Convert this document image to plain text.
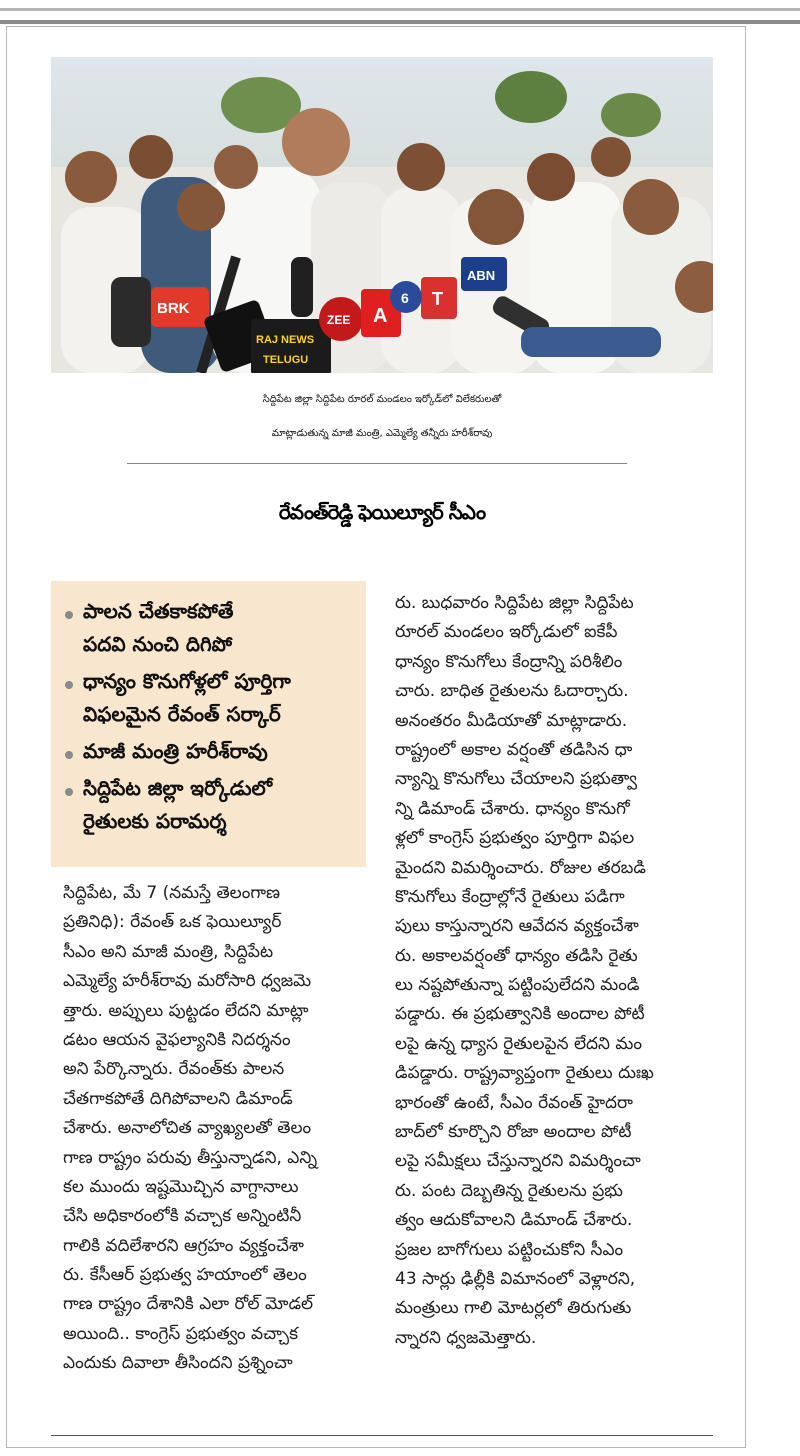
BRK
RAJ NEWS
TELUGU
ABN
ZEE A
T
6
సిద్దిపేట జిల్లా సిద్దిపేట రూరల్ మండలం ఇర్కోడ్‌లో విలేకరులతో
మాట్లాడుతున్న మాజీ మంత్రి, ఎమ్మెల్యే తన్నీరు హరీశ్‌రావు
రేవంత్‌రెడ్డి ఫెయిల్యూర్ సీఎం
పాలన చేతకాకపోతే
పదవి నుంచి దిగిపో
ధాన్యం కొనుగోళ్లలో పూర్తిగా
విఫలమైన రేవంత్ సర్కార్
మాజీ మంత్రి హరీశ్‌రావు
సిద్దిపేట జిల్లా ఇర్కోడులో
రైతులకు పరామర్శ
సిద్దిపేట, మే 7 (నమస్తే తెలంగాణ
ప్రతినిధి): రేవంత్ ఒక ఫెయిల్యూర్
సీఎం అని మాజీ మంత్రి, సిద్దిపేట
ఎమ్మెల్యే హరీశ్‌రావు మరోసారి ధ్వజమె
త్తారు. అప్పులు పుట్టడం లేదని మాట్లా
డటం ఆయన వైఫల్యానికి నిదర్శనం
అని పేర్కొన్నారు. రేవంత్‌కు పాలన
చేతగాకపోతే దిగిపోవాలని డిమాండ్
చేశారు. అనాలోచిత వ్యాఖ్యలతో తెలం
గాణ రాష్ట్రం పరువు తీస్తున్నాడని, ఎన్ని
కల ముందు ఇష్టమొచ్చిన వాగ్దానాలు
చేసి అధికారంలోకి వచ్చాక అన్నింటినీ
గాలికి వదిలేశారని ఆగ్రహం వ్యక్తంచేశా
రు. కేసీఆర్ ప్రభుత్వ హయాంలో తెలం
గాణ రాష్ట్రం దేశానికి ఎలా రోల్ మోడల్
అయింది.. కాంగ్రెస్ ప్రభుత్వం వచ్చాక
ఎందుకు దివాలా తీసిందని ప్రశ్నించా
రు. బుధవారం సిద్దిపేట జిల్లా సిద్దిపేట
రూరల్ మండలం ఇర్కోడులో ఐకేపీ
ధాన్యం కొనుగోలు కేంద్రాన్ని పరిశీలిం
చారు. బాధిత రైతులను ఓదార్చారు.
అనంతరం మీడియాతో మాట్లాడారు.
రాష్ట్రంలో అకాల వర్షంతో తడిసిన ధా
న్యాన్ని కొనుగోలు చేయాలని ప్రభుత్వా
న్ని డిమాండ్ చేశారు. ధాన్యం కొనుగో
ళ్లలో కాంగ్రెస్ ప్రభుత్వం పూర్తిగా విఫల
మైందని విమర్శించారు. రోజుల తరబడి
కొనుగోలు కేంద్రాల్లోనే రైతులు పడిగా
పులు కాస్తున్నారని ఆవేదన వ్యక్తంచేశా
రు. అకాలవర్షంతో ధాన్యం తడిసి రైతు
లు నష్టపోతున్నా పట్టింపులేదని మండి
పడ్డారు. ఈ ప్రభుత్వానికి అందాల పోటీ
లపై ఉన్న ధ్యాస రైతులపైన లేదని మం
డిపడ్డారు. రాష్ట్రవ్యాప్తంగా రైతులు దుఃఖ
భారంతో ఉంటే, సీఎం రేవంత్ హైదరా
బాద్‌లో కూర్చొని రోజా అందాల పోటీ
లపై సమీక్షలు చేస్తున్నారని విమర్శించా
రు. పంట దెబ్బతిన్న రైతులను ప్రభు
త్వం ఆదుకోవాలని డిమాండ్ చేశారు.
ప్రజల బాగోగులు పట్టించుకోని సీఎం
43 సార్లు ఢిల్లీకి విమానంలో వెళ్లారని,
మంత్రులు గాలి మోటర్లలో తిరుగుతు
న్నారని ధ్వజమెత్తారు.
